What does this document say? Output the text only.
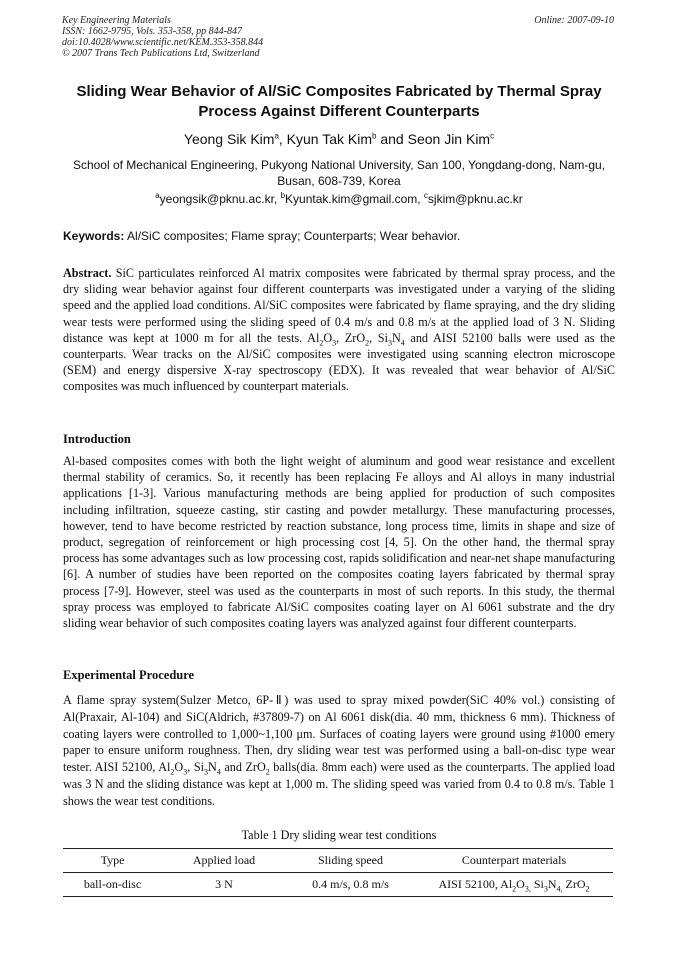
Key Engineering Materials
ISSN: 1662-9795, Vols. 353-358, pp 844-847
doi:10.4028/www.scientific.net/KEM.353-358.844
© 2007 Trans Tech Publications Ltd, Switzerland
Online: 2007-09-10
Sliding Wear Behavior of Al/SiC Composites Fabricated by Thermal Spray Process Against Different Counterparts
Yeong Sik Kim$^a$, Kyun Tak Kim$^b$ and Seon Jin Kim$^c$
School of Mechanical Engineering, Pukyong National University, San 100, Yongdang-dong, Nam-gu, Busan, 608-739, Korea
$^a$yeongsik@pknu.ac.kr, $^b$Kyuntak.kim@gmail.com, $^c$sjkim@pknu.ac.kr
Keywords: Al/SiC composites; Flame spray; Counterparts; Wear behavior.
Abstract. SiC particulates reinforced Al matrix composites were fabricated by thermal spray process, and the dry sliding wear behavior against four different counterparts was investigated under a varying of the sliding speed and the applied load conditions. Al/SiC composites were fabricated by flame spraying, and the dry sliding wear tests were performed using the sliding speed of 0.4 m/s and 0.8 m/s at the applied load of 3 N. Sliding distance was kept at 1000 m for all the tests. $Al_2O_3$, ZrO$_2$, $Si_3N_4$ and AISI 52100 balls were used as the counterparts. Wear tracks on the Al/SiC composites were investigated using scanning electron microscope (SEM) and energy dispersive X-ray spectroscopy (EDX). It was revealed that wear behavior of Al/SiC composites was much influenced by counterpart materials.
Introduction
Al-based composites comes with both the light weight of aluminum and good wear resistance and excellent thermal stability of ceramics. So, it recently has been replacing Fe alloys and Al alloys in many industrial applications [1-3]. Various manufacturing methods are being applied for production of such composites including infiltration, squeeze casting, stir casting and powder metallurgy. These manufacturing processes, however, tend to have become restricted by reaction substance, long process time, limits in shape and size of product, segregation of reinforcement or high processing cost [4, 5]. On the other hand, the thermal spray process has some advantages such as low processing cost, rapids solidification and near-net shape manufacturing [6]. A number of studies have been reported on the composites coating layers fabricated by thermal spray process [7-9]. However, steel was used as the counterparts in most of such reports. In this study, the thermal spray process was employed to fabricate Al/SiC composites coating layer on Al 6061 substrate and the dry sliding wear behavior of such composites coating layers was analyzed against four different counterparts.
Experimental Procedure
A flame spray system(Sulzer Metco, 6P-Ⅱ) was used to spray mixed powder(SiC 40% vol.) consisting of Al(Praxair, Al-104) and SiC(Aldrich, #37809-7) on Al 6061 disk(dia. 40 mm, thickness 6 mm). Thickness of coating layers were controlled to 1,000~1,100 μm. Surfaces of coating layers were ground using #1000 emery paper to ensure uniform roughness. Then, dry sliding wear test was performed using a ball-on-disc type wear tester. AISI 52100, $Al_2O_3$, $Si_3N_4$ and ZrO$_2$ balls(dia. 8mm each) were used as the counterparts. The applied load was 3 N and the sliding distance was kept at 1,000 m. The sliding speed was varied from 0.4 to 0.8 m/s. Table 1 shows the wear test conditions.
Table 1 Dry sliding wear test conditions
Type	Applied load	Sliding speed	Counterpart materials
ball-on-disc	3 N	0.4 m/s, 0.8 m/s	AISI 52100, $Al_2O_{3,}$ $Si_3N_{4,}$ ZrO$_2$
